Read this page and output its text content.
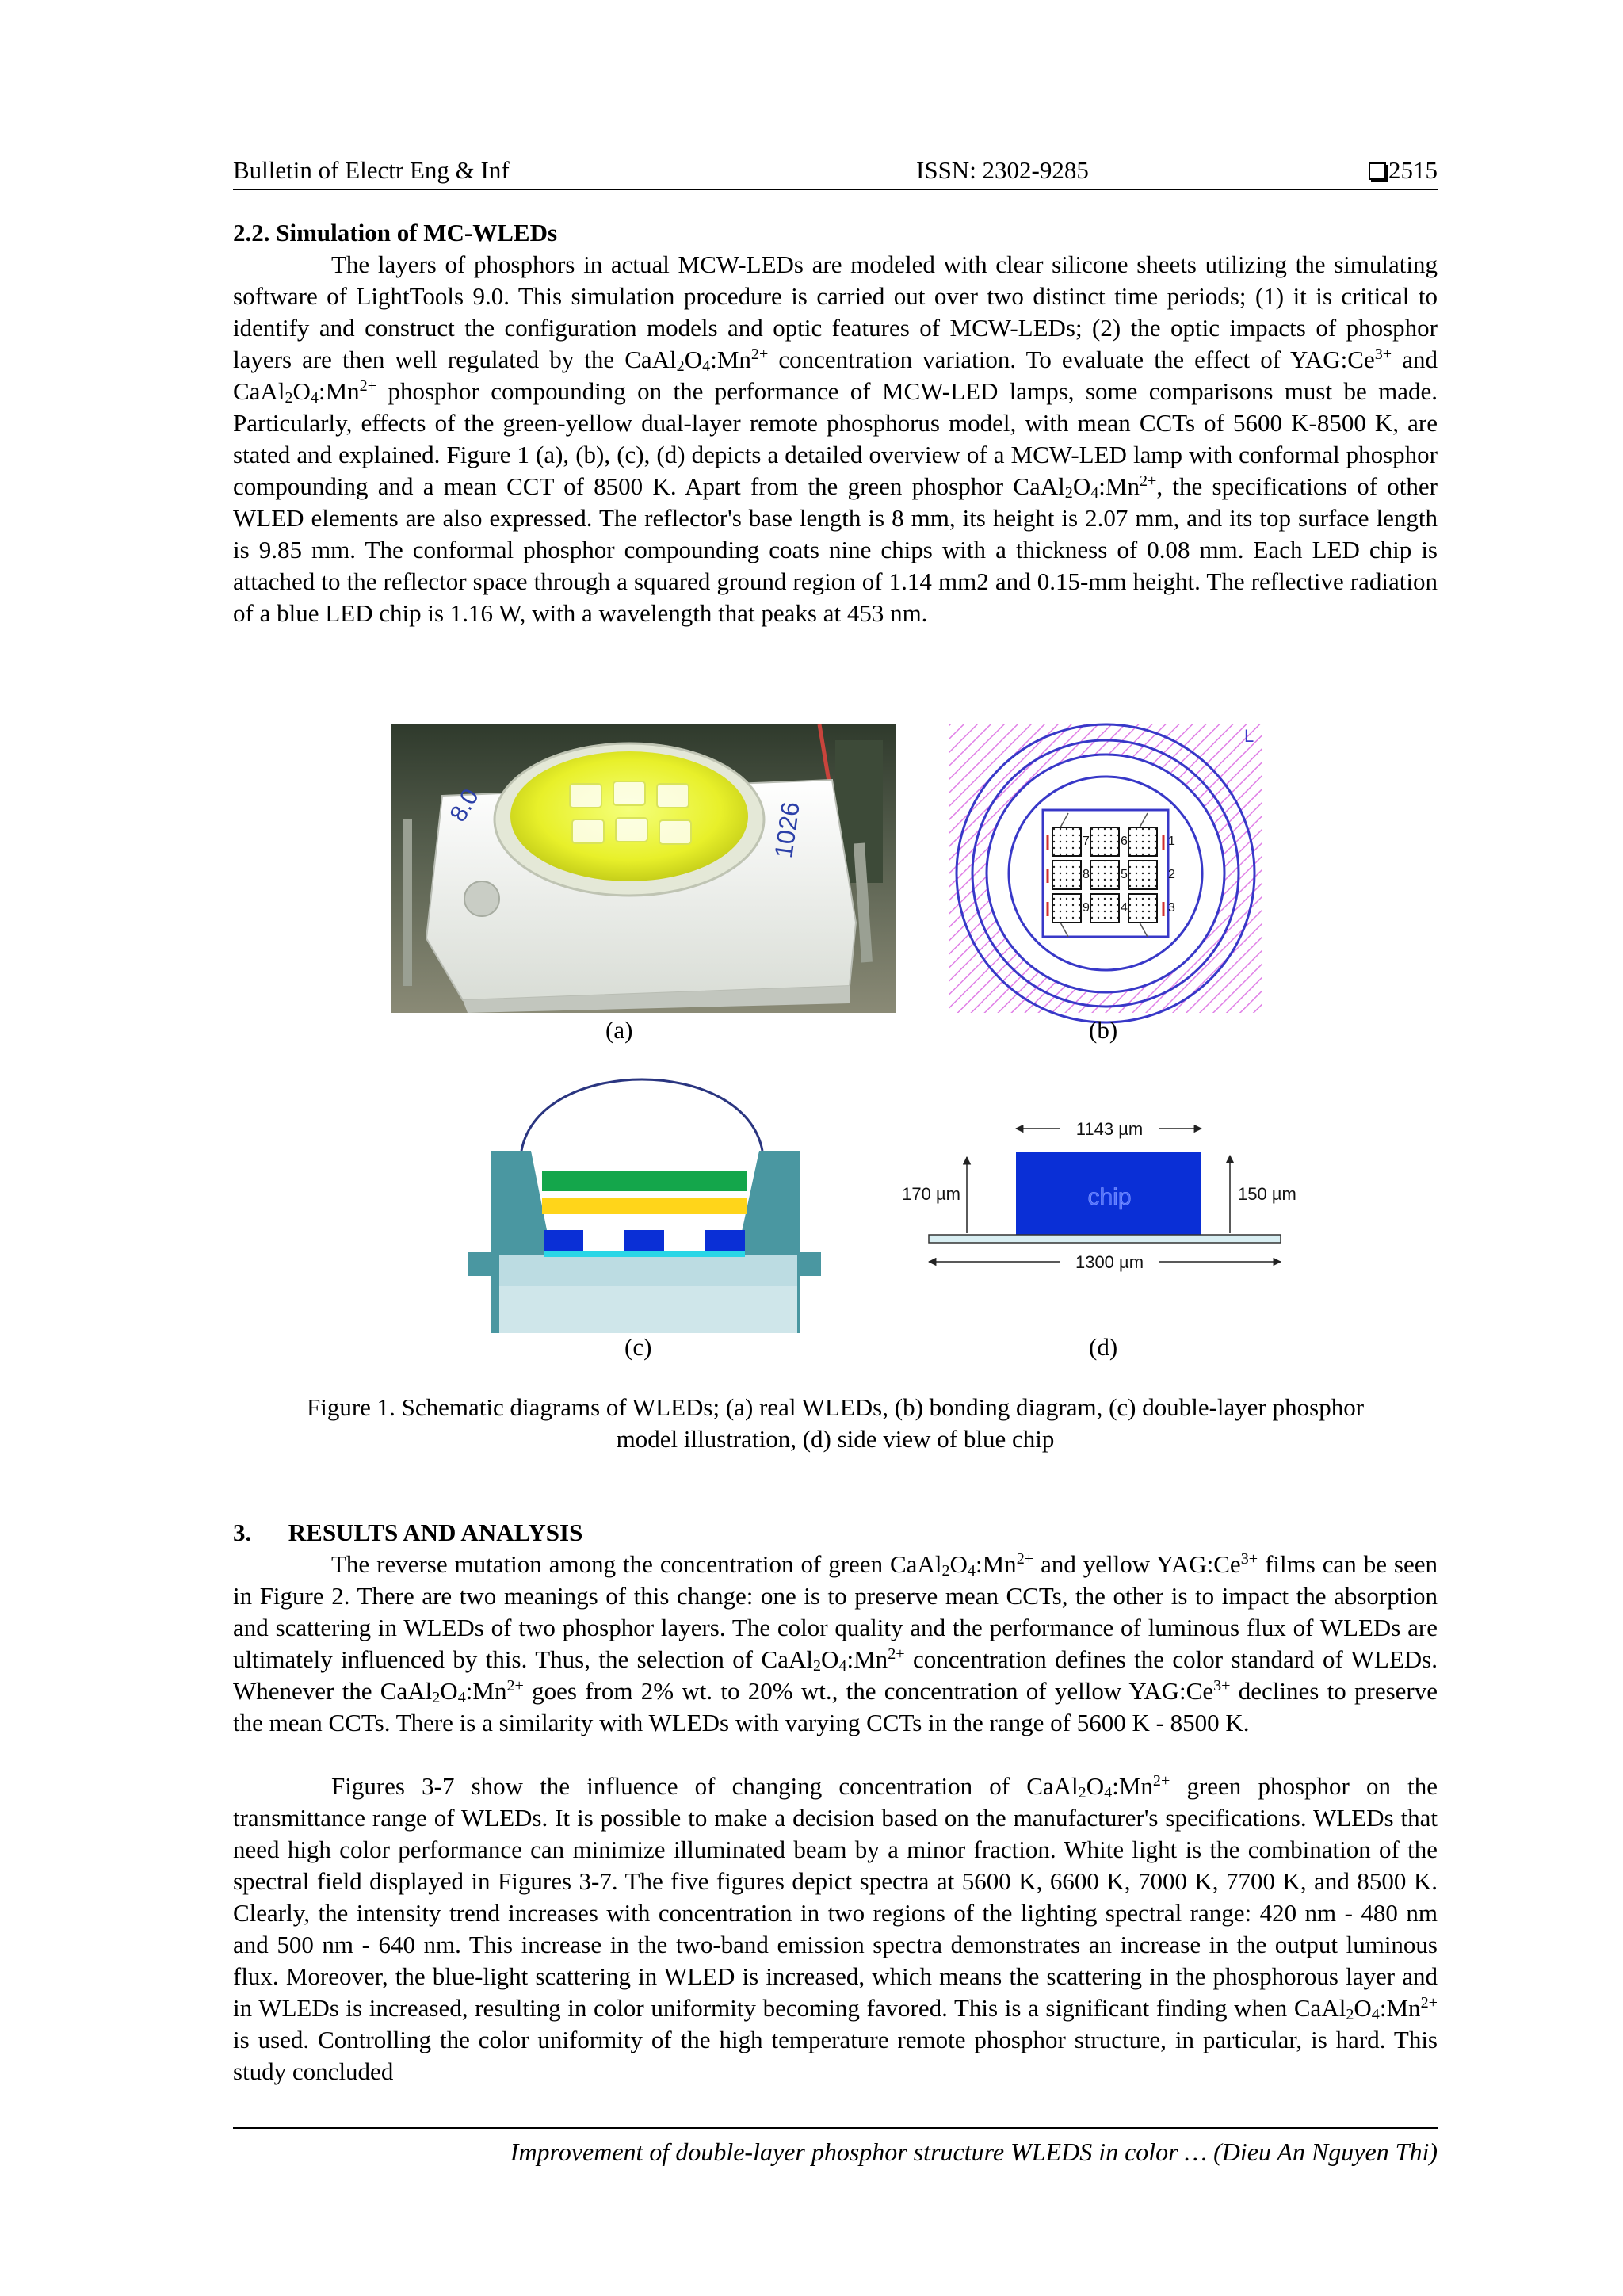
Bulletin of Electr Eng & Inf	ISSN: 2302-9285	2515
2.2. Simulation of MC-WLEDs

The layers of phosphors in actual MCW-LEDs are modeled with clear silicone sheets utilizing the simulating software of LightTools 9.0. This simulation procedure is carried out over two distinct time periods; (1) it is critical to identify and construct the configuration models and optic features of MCW-LEDs; (2) the optic impacts of phosphor layers are then well regulated by the $CaAl_2O_4:Mn^{2+}$ concentration variation. To evaluate the effect of $YAG:Ce^{3+}$ and $CaAl_2O_4:Mn^{2+}$ phosphor compounding on the performance of MCW-LED lamps, some comparisons must be made. Particularly, effects of the green-yellow dual-layer remote phosphorus model, with mean CCTs of 5600 K-8500 K, are stated and explained. Figure 1 (a), (b), (c), (d) depicts a detailed overview of a MCW-LED lamp with conformal phosphor compounding and a mean CCT of 8500 K. Apart from the green phosphor $CaAl_2O_4:Mn^{2+}$, the specifications of other WLED elements are also expressed. The reflector's base length is 8 mm, its height is 2.07 mm, and its top surface length is 9.85 mm. The conformal phosphor compounding coats nine chips with a thickness of 0.08 mm. Each LED chip is attached to the reflector space through a squared ground region of 1.14 mm2 and 0.15-mm height. The reflective radiation of a blue LED chip is 1.16 W, with a wavelength that peaks at 453 nm.

8.0	1026
(a)
L
1
2
3
4
5
6
7
8
9
(b)
(c)
1143 µm
chip
170 µm	150 µm
1300 µm
(d)
Figure 1. Schematic diagrams of WLEDs; (a) real WLEDs, (b) bonding diagram, (c) double-layer phosphor
model illustration, (d) side view of blue chip
3.      RESULTS AND ANALYSIS

The reverse mutation among the concentration of green $CaAl_2O_4:Mn^{2+}$ and yellow $YAG:Ce^{3+}$ films can be seen in Figure 2. There are two meanings of this change: one is to preserve mean CCTs, the other is to impact the absorption and scattering in WLEDs of two phosphor layers. The color quality and the performance of luminous flux of WLEDs are ultimately influenced by this. Thus, the selection of $CaAl_2O_4:Mn^{2+}$ concentration defines the color standard of WLEDs. Whenever the $CaAl_2O_4:Mn^{2+}$ goes from 2% wt. to 20% wt., the concentration of yellow $YAG:Ce^{3+}$ declines to preserve the mean CCTs. There is a similarity with WLEDs with varying CCTs in the range of 5600 K - 8500 K.

Figures 3-7 show the influence of changing concentration of $CaAl_2O_4:Mn^{2+}$ green phosphor on the transmittance range of WLEDs. It is possible to make a decision based on the manufacturer's specifications. WLEDs that need high color performance can minimize illuminated beam by a minor fraction. White light is the combination of the spectral field displayed in Figures 3-7. The five figures depict spectra at 5600 K, 6600 K, 7000 K, 7700 K, and 8500 K. Clearly, the intensity trend increases with concentration in two regions of the lighting spectral range: 420 nm - 480 nm and 500 nm - 640 nm. This increase in the two-band emission spectra demonstrates an increase in the output luminous flux. Moreover, the blue-light scattering in WLED is increased, which means the scattering in the phosphorous layer and in WLEDs is increased, resulting in color uniformity becoming favored. This is a significant finding when $CaAl_2O_4:Mn^{2+}$ is used. Controlling the color uniformity of the high temperature remote phosphor structure, in particular, is hard. This study concluded

Improvement of double-layer phosphor structure WLEDS in color … (Dieu An Nguyen Thi)
